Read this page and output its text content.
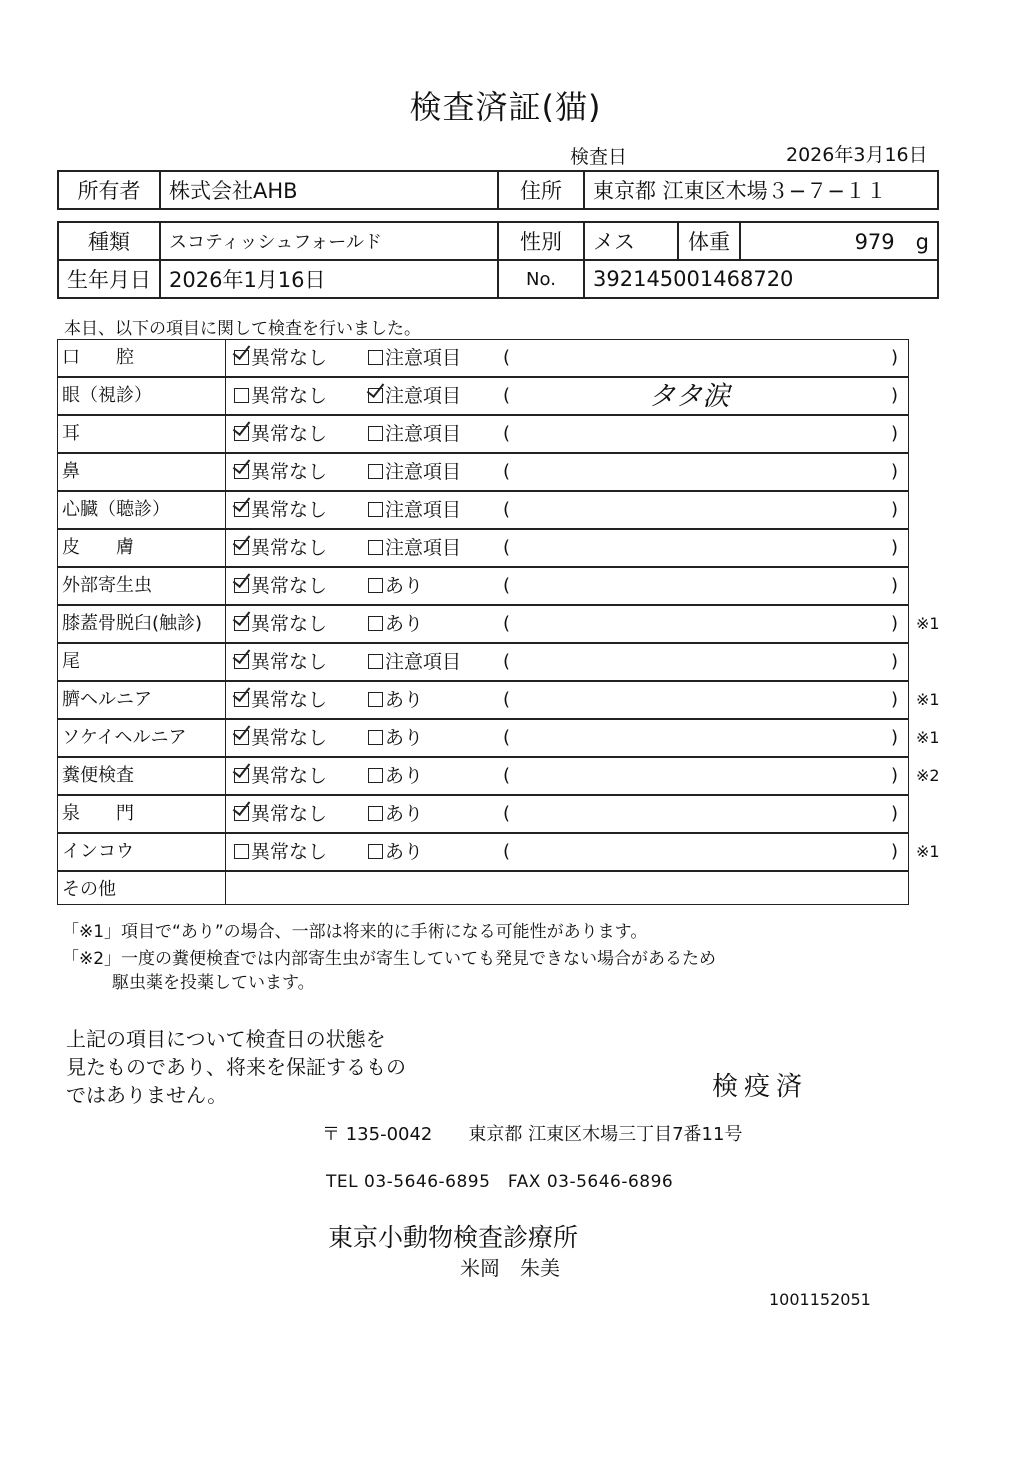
検査済証(猫)
検査日	2026年3月16日
所有者	株式会社AHB	住所	東京都 江東区木場３−７−１１
種類	スコティッシュフォールド	性別	メス	体重	979　 g
生年月日	2026年1月16日	No.	392145001468720		
本日、以下の項目に関して検査を行いました。
口　　腔	異常なし	注意項目 (	)
眼（視診）	異常なし	注意項目 (	タタ涙	)
耳	異常なし	注意項目 (	)
鼻	異常なし	注意項目 (	)
心臓（聴診）	異常なし	注意項目 (	)
皮　　膚	異常なし	注意項目 (	)
外部寄生虫	異常なし	あり	(	)
膝蓋骨脱臼(触診)	異常なし	あり	(	) ※1
尾	異常なし	注意項目 (	)
臍ヘルニア	異常なし	あり	(	) ※1
ソケイヘルニア	異常なし	あり	(	) ※1
糞便検査	異常なし	あり	(	) ※2
泉　　門	異常なし	あり	(	)
インコウ	異常なし	あり	(	) ※1
その他
「※1」項目で“あり”の場合、一部は将来的に手術になる可能性があります。
「※2」一度の糞便検査では内部寄生虫が寄生していても発見できない場合があるため
駆虫薬を投薬しています。
上記の項目について検査日の状態を
見たものであり、将来を保証するもの
ではありません。	検疫済
〒 135-0042　　東京都 江東区木場三丁目7番11号
TEL 03-5646-6895　FAX 03-5646-6896
東京小動物検査診療所
米岡　朱美
1001152051
